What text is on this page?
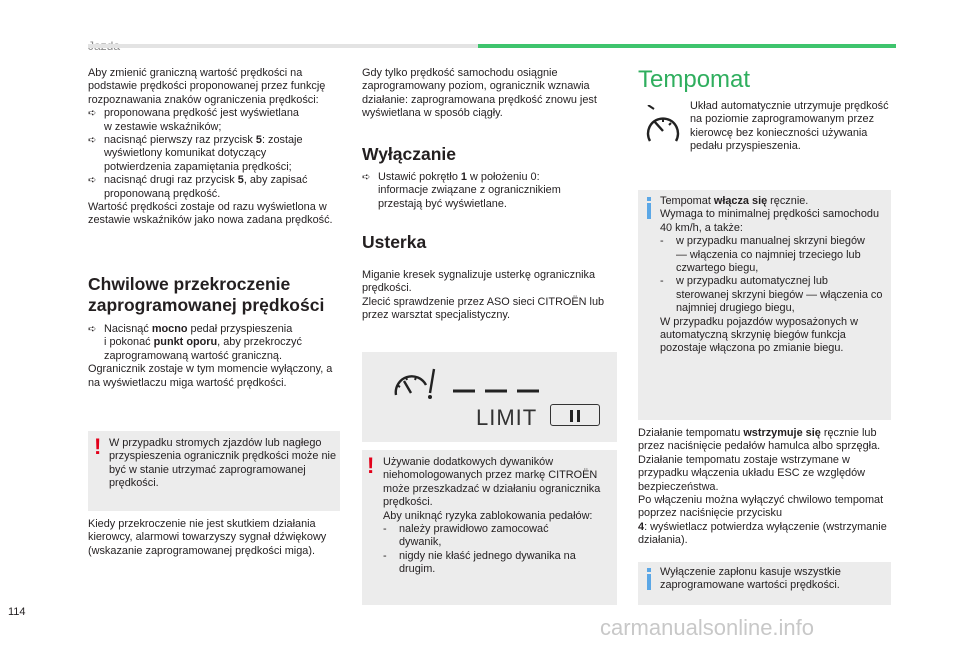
Aby zmienić graniczną wartość prędkości na podstawie prędkości proponowanej przez funkcję rozpoznawania znaków ograniczenia prędkości:

➪ proponowana prędkość jest wyświetlana
w zestawie wskaźników;
➪ nacisnąć pierwszy raz przycisk 5: zostaje
wyświetlony komunikat dotyczący
potwierdzenia zapamiętania prędkości;
➪ nacisnąć drugi raz przycisk 5, aby zapisać
proponowaną prędkość.

Wartość prędkości zostaje od razu wyświetlona w zestawie wskaźników jako nowa zadana prędkość.

Chwilowe przekroczenie
zaprogramowanej prędkości
➪ Nacisnąć mocno pedał przyspieszenia
i pokonać punkt oporu, aby przekroczyć
zaprogramowaną wartość graniczną.

Ogranicznik zostaje w tym momencie wyłączony, a na wyświetlaczu miga wartość prędkości.

! W przypadku stromych zjazdów lub nagłego przyspieszenia ogranicznik prędkości może nie być w stanie utrzymać zaprogramowanej prędkości.
Kiedy przekroczenie nie jest skutkiem działania kierowcy, alarmowi towarzyszy sygnał dźwiękowy (wskazanie zaprogramowanej prędkości miga).
Gdy tylko prędkość samochodu osiągnie zaprogramowany poziom, ogranicznik wznawia działanie: zaprogramowana prędkość znowu jest wyświetlana w sposób ciągły.
Wyłączanie
➪ Ustawić pokrętło 1 w położeniu 0:
informacje związane z ogranicznikiem
przestają być wyświetlane.
Usterka

Miganie kresek sygnalizuje usterkę ogranicznika prędkości.

Zlecić sprawdzenie przez ASO sieci CITROËN lub przez warsztat specjalistyczny.

LIMIT
! Używanie dodatkowych dywaników niehomologowanych przez markę CITROËN może przeszkadzać w działaniu ogranicznika prędkości.

Aby uniknąć ryzyka zablokowania pedałów:

- należy prawidłowo zamocować
dywanik,
- nigdy nie kłaść jednego dywanika na
drugim.
Tempomat
Układ automatycznie utrzymuje prędkość na poziomie zaprogramowanym przez kierowcę bez konieczności używania pedału przyspieszenia.
Tempomat włącza się ręcznie.

Wymaga to minimalnej prędkości samochodu 40 km/h, a także:

- w przypadku manualnej skrzyni biegów
— włączenia co najmniej trzeciego lub czwartego biegu,
- w przypadku automatycznej lub
sterowanej skrzyni biegów — włączenia co najmniej drugiego biegu,

W przypadku pojazdów wyposażonych w automatyczną skrzynię biegów funkcja pozostaje włączona po zmianie biegu.

Działanie tempomatu wstrzymuje się ręcznie lub przez naciśnięcie pedałów hamulca albo sprzęgła. Działanie tempomatu zostaje wstrzymane w przypadku włączenia układu ESC ze względów bezpieczeństwa.

Po włączeniu można wyłączyć chwilowo tempomat poprzez naciśnięcie przycisku

4: wyświetlacz potwierdza wyłączenie (wstrzymanie działania).

Wyłączenie zapłonu kasuje wszystkie zaprogramowane wartości prędkości.
114
carmanualsonline.info
